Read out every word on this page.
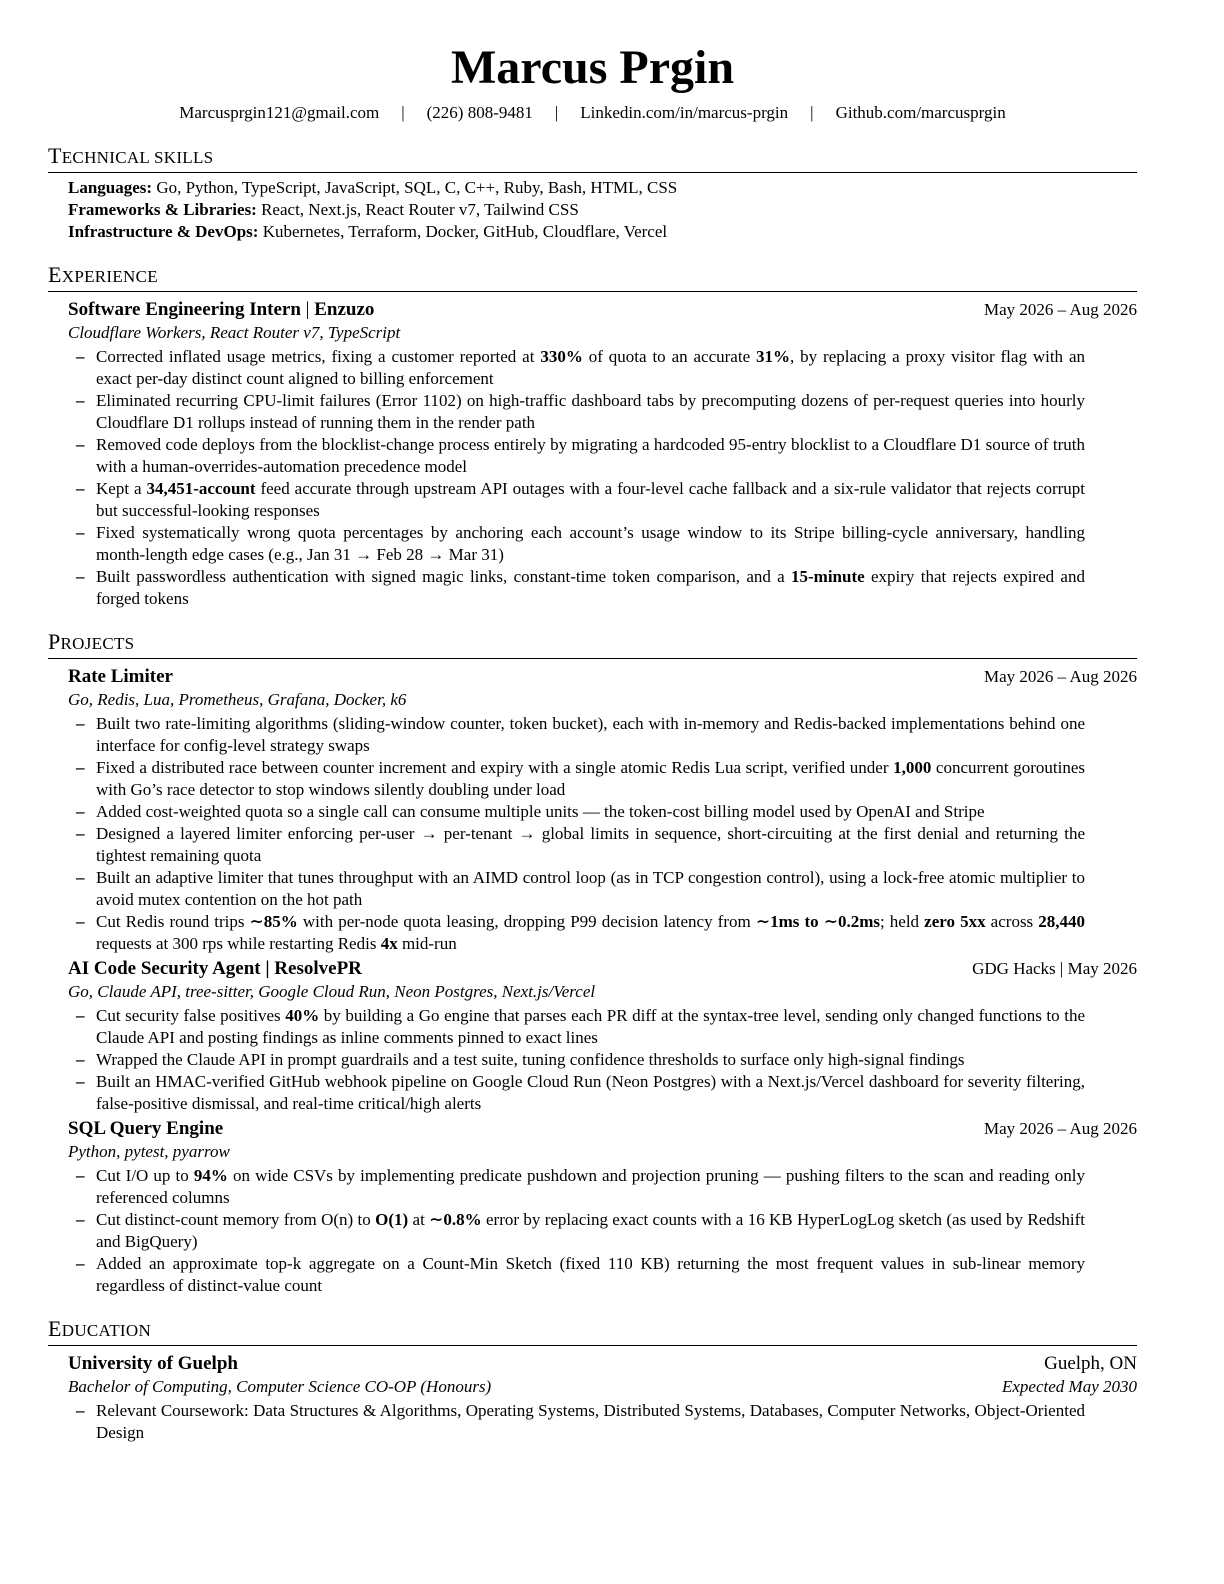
Marcus Prgin
Marcusprgin121@gmail.com | (226) 808-9481 | Linkedin.com/in/marcus-prgin | Github.com/marcusprgin
TECHNICAL SKILLS
Languages: Go, Python, TypeScript, JavaScript, SQL, C, C++, Ruby, Bash, HTML, CSS
Frameworks & Libraries: React, Next.js, React Router v7, Tailwind CSS
Infrastructure & DevOps: Kubernetes, Terraform, Docker, GitHub, Cloudflare, Vercel
EXPERIENCE
Software Engineering Intern | Enzuzo	May 2026 – Aug 2026
Cloudflare Workers, React Router v7, TypeScript
– Corrected inflated usage metrics, fixing a customer reported at 330% of quota to an accurate 31%, by replacing a proxy visitor flag with an exact per-day distinct count aligned to billing enforcement
– Eliminated recurring CPU-limit failures (Error 1102) on high-traffic dashboard tabs by precomputing dozens of per-request queries into hourly Cloudflare D1 rollups instead of running them in the render path
– Removed code deploys from the blocklist-change process entirely by migrating a hardcoded 95-entry blocklist to a Cloudflare D1 source of truth with a human-overrides-automation precedence model
– Kept a 34,451-account feed accurate through upstream API outages with a four-level cache fallback and a six-rule validator that rejects corrupt but successful-looking responses
– Fixed systematically wrong quota percentages by anchoring each account’s usage window to its Stripe billing-cycle anniversary, handling month-length edge cases (e.g., Jan 31 → Feb 28 → Mar 31)
– Built passwordless authentication with signed magic links, constant-time token comparison, and a 15-minute expiry that rejects expired and forged tokens
PROJECTS
Rate Limiter	May 2026 – Aug 2026
Go, Redis, Lua, Prometheus, Grafana, Docker, k6
– Built two rate-limiting algorithms (sliding-window counter, token bucket), each with in-memory and Redis-backed implementations behind one interface for config-level strategy swaps
– Fixed a distributed race between counter increment and expiry with a single atomic Redis Lua script, verified under 1,000 concurrent goroutines with Go’s race detector to stop windows silently doubling under load
– Added cost-weighted quota so a single call can consume multiple units — the token-cost billing model used by OpenAI and Stripe
– Designed a layered limiter enforcing per-user → per-tenant → global limits in sequence, short-circuiting at the first denial and returning the tightest remaining quota
– Built an adaptive limiter that tunes throughput with an AIMD control loop (as in TCP congestion control), using a lock-free atomic multiplier to avoid mutex contention on the hot path
– Cut Redis round trips ∼85% with per-node quota leasing, dropping P99 decision latency from ∼1ms to ∼0.2ms; held zero 5xx across 28,440 requests at 300 rps while restarting Redis 4x mid-run
AI Code Security Agent | ResolvePR	GDG Hacks | May 2026
Go, Claude API, tree-sitter, Google Cloud Run, Neon Postgres, Next.js/Vercel
– Cut security false positives 40% by building a Go engine that parses each PR diff at the syntax-tree level, sending only changed functions to the Claude API and posting findings as inline comments pinned to exact lines
– Wrapped the Claude API in prompt guardrails and a test suite, tuning confidence thresholds to surface only high-signal findings
– Built an HMAC-verified GitHub webhook pipeline on Google Cloud Run (Neon Postgres) with a Next.js/Vercel dashboard for severity filtering, false-positive dismissal, and real-time critical/high alerts
SQL Query Engine	May 2026 – Aug 2026
Python, pytest, pyarrow
– Cut I/O up to 94% on wide CSVs by implementing predicate pushdown and projection pruning — pushing filters to the scan and reading only referenced columns
– Cut distinct-count memory from O(n) to O(1) at ∼0.8% error by replacing exact counts with a 16 KB HyperLogLog sketch (as used by Redshift and BigQuery)
– Added an approximate top-k aggregate on a Count-Min Sketch (fixed 110 KB) returning the most frequent values in sub-linear memory regardless of distinct-value count
EDUCATION
University of Guelph	Guelph, ON
Bachelor of Computing, Computer Science CO-OP (Honours)	Expected May 2030
– Relevant Coursework: Data Structures & Algorithms, Operating Systems, Distributed Systems, Databases, Computer Networks, Object-Oriented Design
